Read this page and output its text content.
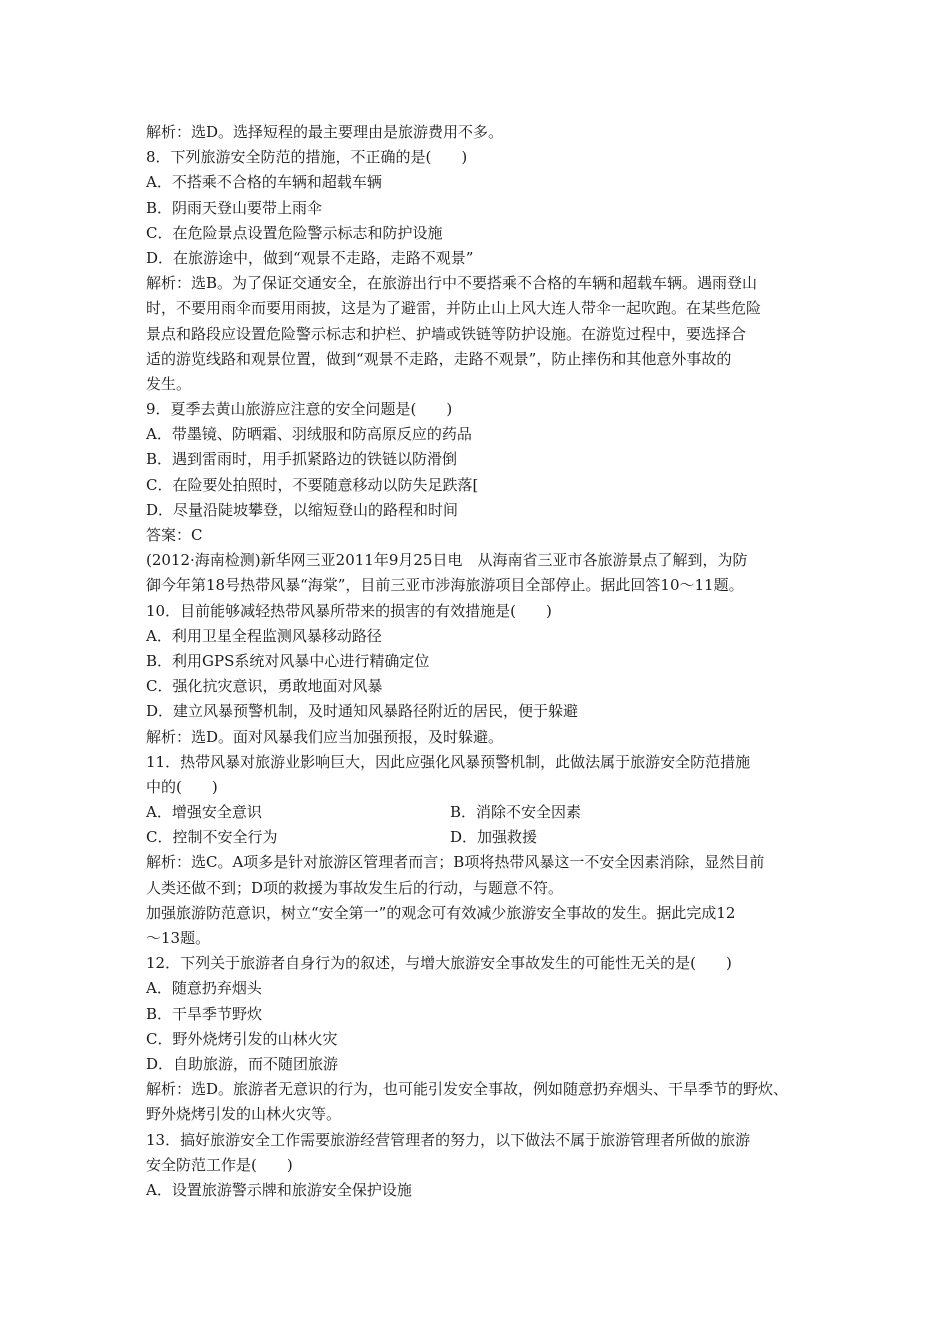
解析：选D。选择短程的最主要理由是旅游费用不多。
8．下列旅游安全防范的措施，不正确的是(　　)
A．不搭乘不合格的车辆和超载车辆
B．阴雨天登山要带上雨伞
C．在危险景点设置危险警示标志和防护设施
D．在旅游途中，做到“观景不走路，走路不观景”
解析：选B。为了保证交通安全，在旅游出行中不要搭乘不合格的车辆和超载车辆。遇雨登山
时，不要用雨伞而要用雨披，这是为了避雷，并防止山上风大连人带伞一起吹跑。在某些危险
景点和路段应设置危险警示标志和护栏、护墙或铁链等防护设施。在游览过程中，要选择合
适的游览线路和观景位置，做到“观景不走路，走路不观景”，防止摔伤和其他意外事故的
发生。
9．夏季去黄山旅游应注意的安全问题是(　　)
A．带墨镜、防晒霜、羽绒服和防高原反应的药品
B．遇到雷雨时，用手抓紧路边的铁链以防滑倒
C．在险要处拍照时，不要随意移动以防失足跌落[
D．尽量沿陡坡攀登，以缩短登山的路程和时间
答案：C
(2012·海南检测)新华网三亚2011年9月25日电　从海南省三亚市各旅游景点了解到，为防
御今年第18号热带风暴“海棠”，目前三亚市涉海旅游项目全部停止。据此回答10～11题。
10．目前能够减轻热带风暴所带来的损害的有效措施是(　　)
A．利用卫星全程监测风暴移动路径
B．利用GPS系统对风暴中心进行精确定位
C．强化抗灾意识，勇敢地面对风暴
D．建立风暴预警机制，及时通知风暴路径附近的居民，便于躲避
解析：选D。面对风暴我们应当加强预报，及时躲避。
11．热带风暴对旅游业影响巨大，因此应强化风暴预警机制，此做法属于旅游安全防范措施
中的(　　)
A．增强安全意识	B．消除不安全因素
C．控制不安全行为	D．加强救援
解析：选C。A项多是针对旅游区管理者而言；B项将热带风暴这一不安全因素消除，显然目前
人类还做不到；D项的救援为事故发生后的行动，与题意不符。
加强旅游防范意识，树立“安全第一”的观念可有效减少旅游安全事故的发生。据此完成12
～13题。
12．下列关于旅游者自身行为的叙述，与增大旅游安全事故发生的可能性无关的是(　　)
A．随意扔弃烟头
B．干旱季节野炊
C．野外烧烤引发的山林火灾
D．自助旅游，而不随团旅游
解析：选D。旅游者无意识的行为，也可能引发安全事故，例如随意扔弃烟头、干旱季节的野炊、
野外烧烤引发的山林火灾等。
13．搞好旅游安全工作需要旅游经营管理者的努力，以下做法不属于旅游管理者所做的旅游
安全防范工作是(　　)
A．设置旅游警示牌和旅游安全保护设施
